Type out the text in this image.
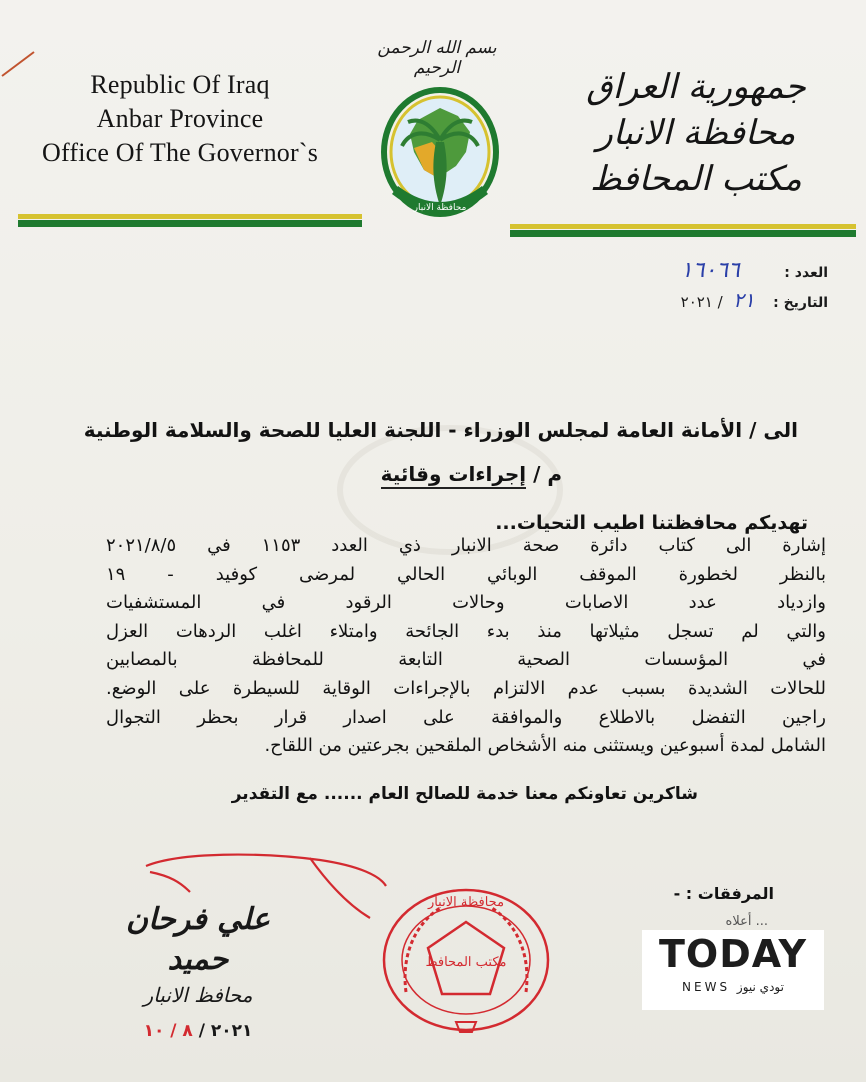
Republic Of Iraq
Anbar Province
Office Of The Governor`s
بسم الله الرحمن الرحيم
محافظة الانبار
جمهورية العراق
محافظة الانبار
مكتب المحافظ
العدد : ١٦٠٦٦
التاريخ : ٢١ / ٢٠٢١
الى / الأمانة العامة لمجلس الوزراء - اللجنة العليا للصحة والسلامة الوطنية
م / إجراءات وقائية
تهديكم محافظتنا اطيب التحيات...

إشارة الى كتاب دائرة صحة الانبار ذي العدد ١١٥٣ في ٢٠٢١/٨/٥

بالنظر لخطورة الموقف الوبائي الحالي لمرضى كوفيد - ١٩

وازدياد عدد الاصابات وحالات الرقود في المستشفيات

والتي لم تسجل مثيلاتها منذ بدء الجائحة وامتلاء اغلب الردهات العزل

في المؤسسات الصحية التابعة للمحافظة بالمصابين

للحالات الشديدة بسبب عدم الالتزام بالإجراءات الوقاية للسيطرة على الوضع.

راجين التفضل بالاطلاع والموافقة على اصدار قرار بحظر التجوال

الشامل لمدة أسبوعين ويستثنى منه الأشخاص الملقحين بجرعتين من اللقاح.

شاكرين تعاونكم معنا خدمة للصالح العام ...... مع التقدير
المرفقات : -
... أعلاه
علي فرحان حميد
محافظ الانبار
٢٠٢١ / ٨ / ١٠
محافظة الانبار
مكتب المحافظ	TODAY
NEWS تودي نيوز
